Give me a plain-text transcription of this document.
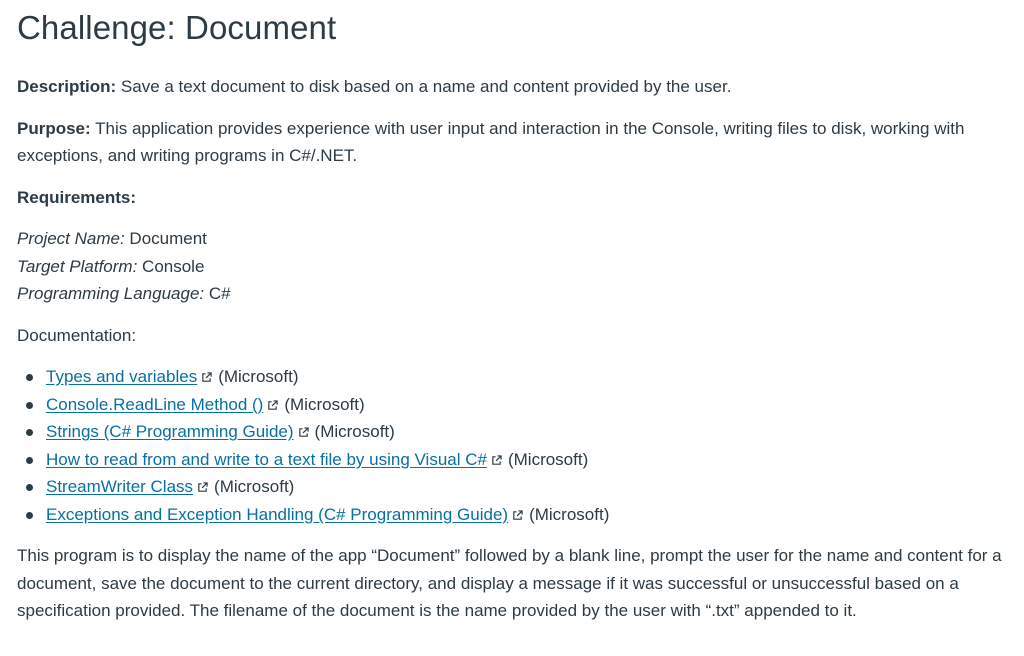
Challenge: Document

Description: Save a text document to disk based on a name and content provided by the user.

Purpose: This application provides experience with user input and interaction in the Console, writing files to disk, working with exceptions, and writing programs in C#/.NET.

Requirements:

Project Name: Document
Target Platform: Console
Programming Language: C#

Documentation:

Types and variables (Microsoft)
Console.ReadLine Method () (Microsoft)
Strings (C# Programming Guide) (Microsoft)
How to read from and write to a text file by using Visual C# (Microsoft)
StreamWriter Class (Microsoft)
Exceptions and Exception Handling (C# Programming Guide) (Microsoft)

This program is to display the name of the app “Document” followed by a blank line, prompt the user for the name and content for a document, save the document to the current directory, and display a message if it was successful or unsuccessful based on a specification provided. The filename of the document is the name provided by the user with “.txt” appended to it.
